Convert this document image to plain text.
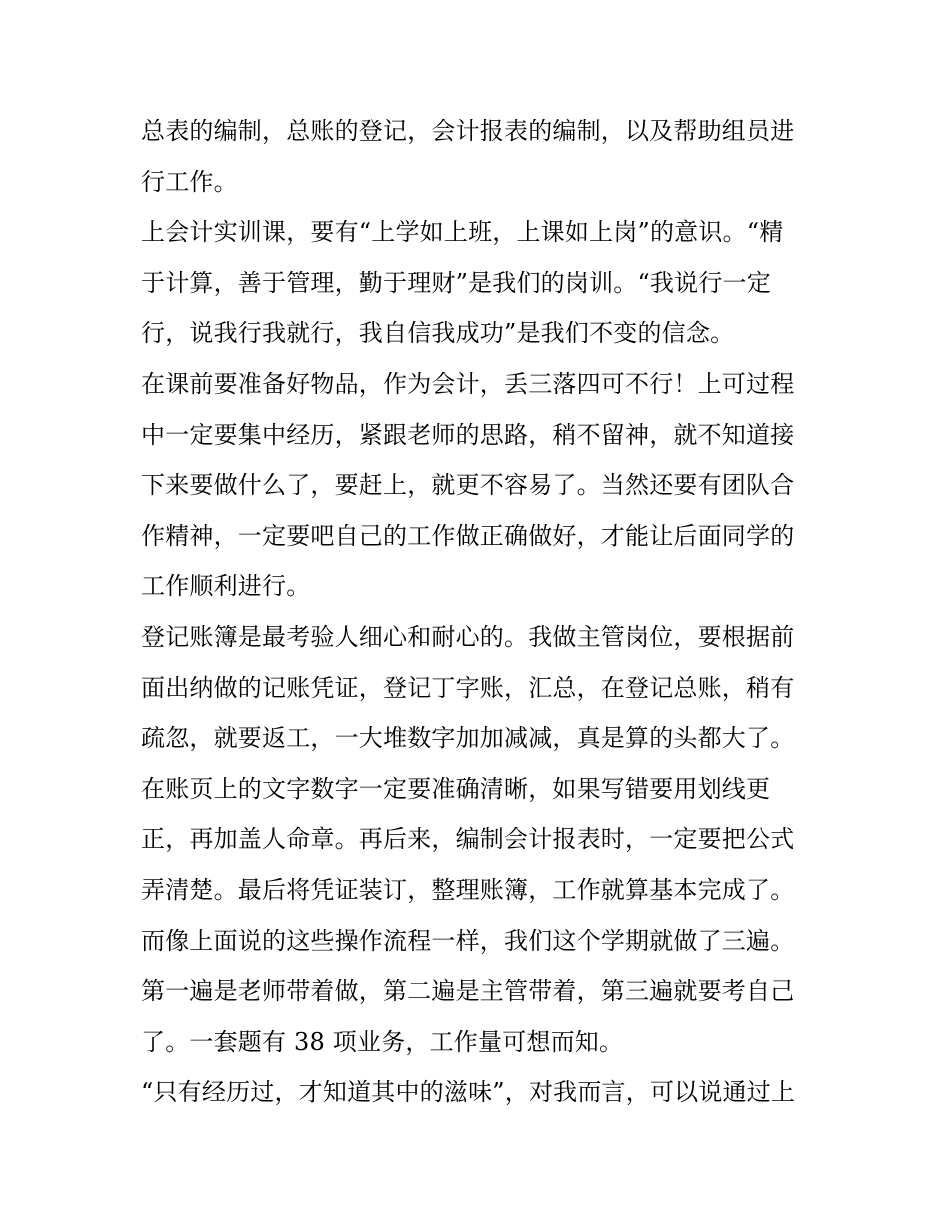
总表的编制，总账的登记，会计报表的编制，以及帮助组员进
行工作。
上会计实训课，要有“上学如上班，上课如上岗”的意识。“精
于计算，善于管理，勤于理财”是我们的岗训。“我说行一定
行，说我行我就行，我自信我成功”是我们不变的信念。
在课前要准备好物品，作为会计，丢三落四可不行！上可过程
中一定要集中经历，紧跟老师的思路，稍不留神，就不知道接
下来要做什么了，要赶上，就更不容易了。当然还要有团队合
作精神，一定要吧自己的工作做正确做好，才能让后面同学的
工作顺利进行。
登记账簿是最考验人细心和耐心的。我做主管岗位，要根据前
面出纳做的记账凭证，登记丁字账，汇总，在登记总账，稍有
疏忽，就要返工，一大堆数字加加减减，真是算的头都大了。
在账页上的文字数字一定要准确清晰，如果写错要用划线更
正，再加盖人命章。再后来，编制会计报表时，一定要把公式
弄清楚。最后将凭证装订，整理账簿，工作就算基本完成了。
而像上面说的这些操作流程一样，我们这个学期就做了三遍。
第一遍是老师带着做，第二遍是主管带着，第三遍就要考自己
了。一套题有 38 项业务，工作量可想而知。
“只有经历过，才知道其中的滋味”，对我而言，可以说通过上
